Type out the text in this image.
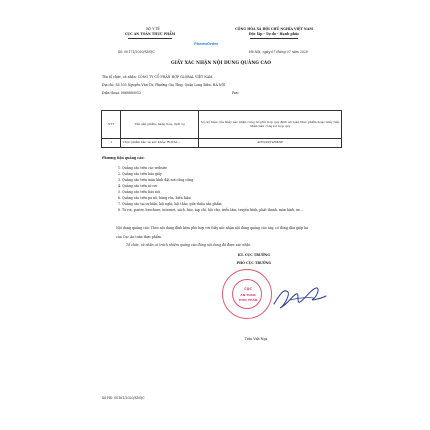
BỘ Y TẾ
CỤC AN TOÀN THỰC PHẨM
CỘNG HÒA XÃ HỘI CHỦ NGHĨA VIỆT NAM
Độc lập - Tự do - Hạnh phúc
PharmOrder
Số: 00171/2020/XNQC	Hà Nội, ngày 07 tháng 07 năm 2020
GIẤY XÁC NHẬN NỘI DUNG QUẢNG CÁO
Tên tổ chức, cá nhân: CÔNG TY CỔ PHẦN HỢP GLOBAL VIỆT NAM
Địa chỉ: Số 535 Nguyễn Văn Cừ, Phường Gia Thụy, Quận Long Biên, HÀ NỘI
Điện thoại: 0868889012	Fax:
STT	Tên sản phẩm, hàng hóa, dịch vụ	Số, ký hiệu của Giấy xác nhận công bố phù hợp quy định an toàn thực phẩm hoặc Giấy tiếp nhận bản công bố hợp quy
1	Thực phẩm bảo vệ sức khỏe: ROYAL...	4253/2019/ĐKSP
Phương tiện quảng cáo:
1. Quảng cáo trên các website
2. Quảng cáo trên báo giấy
3. Quảng cáo trên màn hình đặt nơi công cộng
4. Quảng cáo trên tờ rơi
5. Quảng cáo trên báo nói
6. Quảng cáo trên pa nô, băng rôn, biển hiệu
7. Quảng cáo tại sự kiện, hội nghị, hội thảo, giới thiệu sản phẩm
8. Tờ rơi, poster, brochure, internet, sách, báo, tạp chí, hội chợ, triển lãm, truyền hình, phát thanh, màn hình, xe...
Nội dung quảng cáo: Theo nội dung đính kèm phù hợp với Giấy xác nhận nội dung quảng cáo này, có đóng dấu giáp lai
của Cục An toàn thực phẩm.
Tổ chức, cá nhân có trách nhiệm quảng cáo đúng nội dung đã được xác nhận.
KT. CỤC TRƯỞNG
PHÓ CỤC TRƯỞNG
CỤC
AN TOÀN
THỰC PHẨM
Trần Việt Nga
Số HS: 00161/2020/XNQC
